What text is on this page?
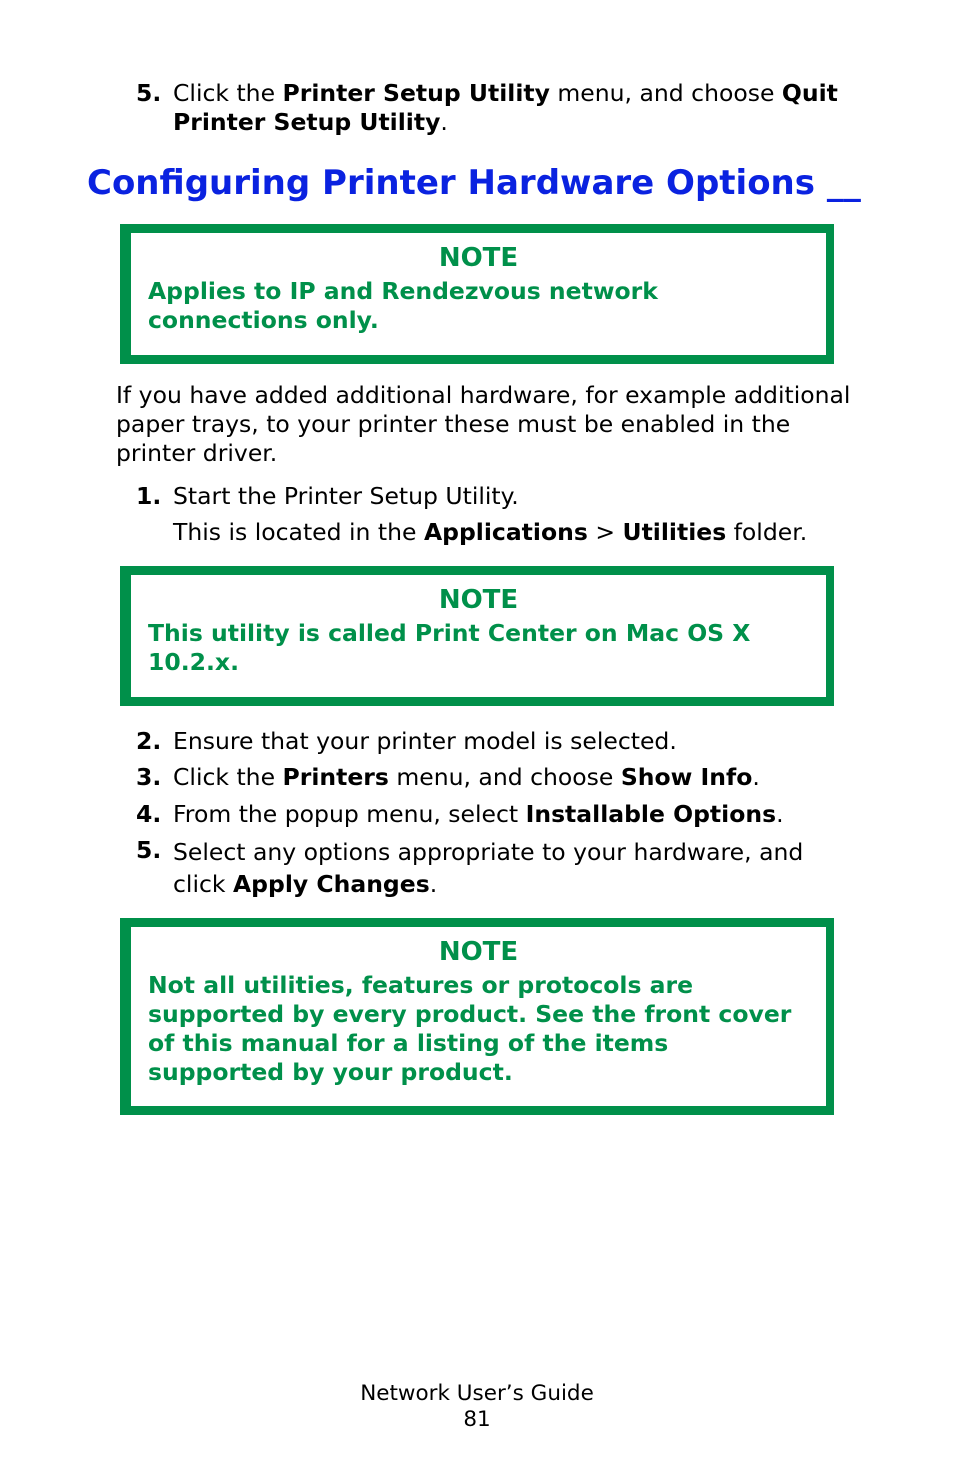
5. Click the Printer Setup Utility menu, and choose Quit Printer Setup Utility.
Configuring Printer Hardware Options __
NOTE
Applies to IP and Rendezvous network connections only.
If you have added additional hardware, for example additional paper trays, to your printer these must be enabled in the printer driver.
1. Start the Printer Setup Utility.
This is located in the Applications > Utilities folder.
NOTE
This utility is called Print Center on Mac OS X 10.2.x.
2. Ensure that your printer model is selected.
3. Click the Printers menu, and choose Show Info.
4. From the popup menu, select Installable Options.
5. Select any options appropriate to your hardware, and click Apply Changes.
NOTE
Not all utilities, features or protocols are supported by every product. See the front cover of this manual for a listing of the items supported by your product.
Network User’s Guide
81
